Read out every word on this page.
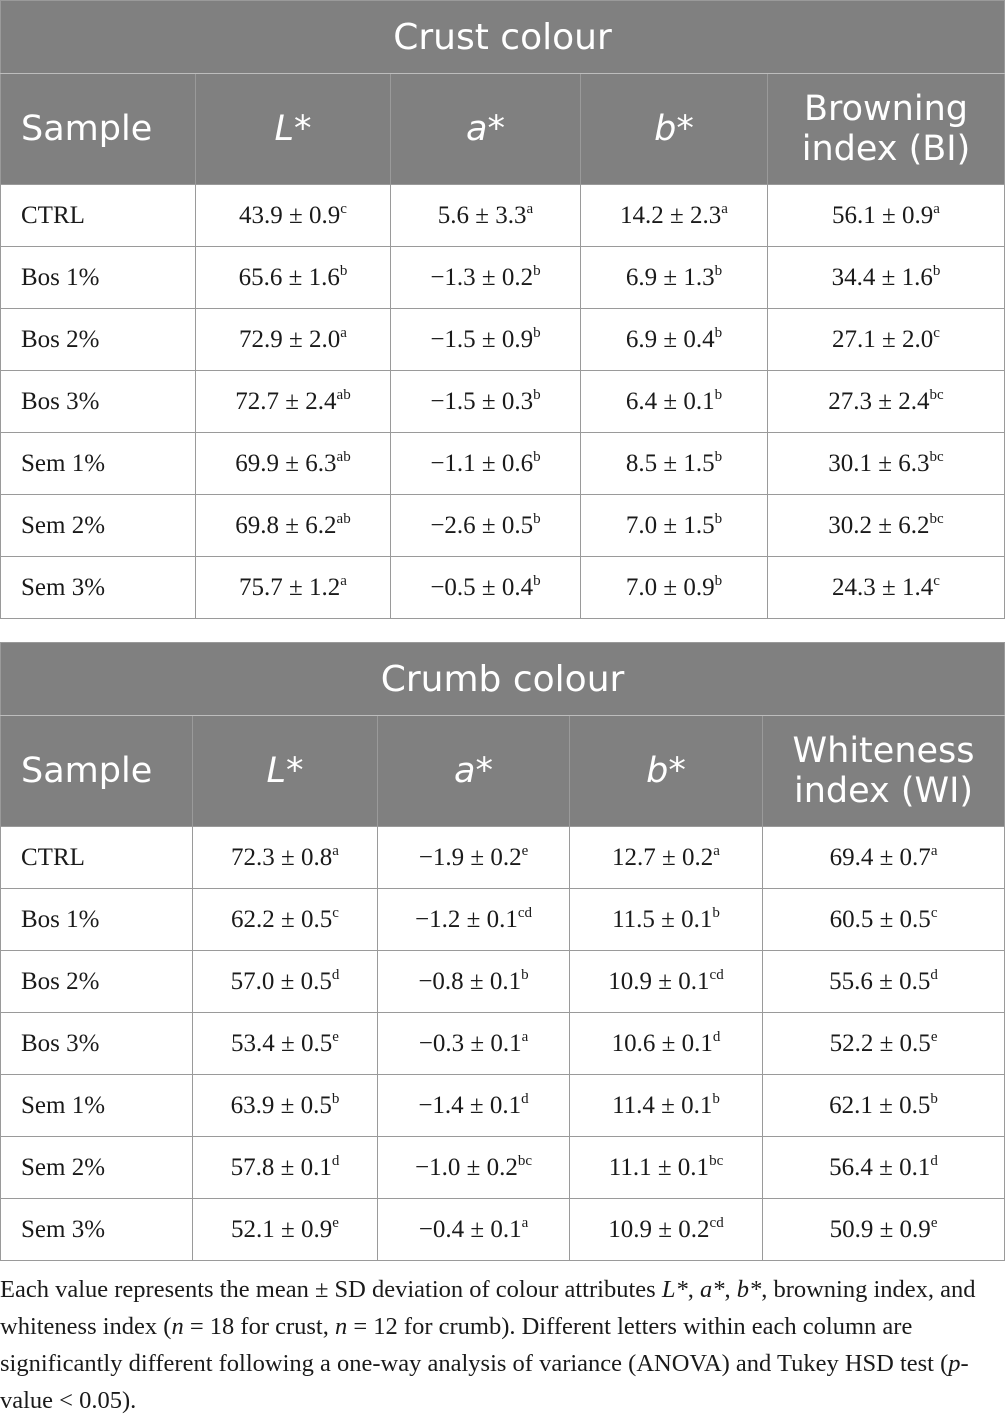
Crust colour				
Sample	L*	a*	b*	Browning index (BI)
CTRL	43.9 ± 0.9$^c$	5.6 ± 3.3$^a$	14.2 ± 2.3$^a$	56.1 ± 0.9$^a$
Bos 1%	65.6 ± 1.6$^b$	−1.3 ± 0.2$^b$	6.9 ± 1.3$^b$	34.4 ± 1.6$^b$
Bos 2%	72.9 ± 2.0$^a$	−1.5 ± 0.9$^b$	6.9 ± 0.4$^b$	27.1 ± 2.0$^c$
Bos 3%	72.7 ± 2.4$^{ab}$	−1.5 ± 0.3$^b$	6.4 ± 0.1$^b$	27.3 ± 2.4$^{bc}$
Sem 1%	69.9 ± 6.3$^{ab}$	−1.1 ± 0.6$^b$	8.5 ± 1.5$^b$	30.1 ± 6.3$^{bc}$
Sem 2%	69.8 ± 6.2$^{ab}$	−2.6 ± 0.5$^b$	7.0 ± 1.5$^b$	30.2 ± 6.2$^{bc}$
Sem 3%	75.7 ± 1.2$^a$	−0.5 ± 0.4$^b$	7.0 ± 0.9$^b$	24.3 ± 1.4$^c$
Crumb colour				
Sample	L*	a*	b*	Whiteness index (WI)
CTRL	72.3 ± 0.8$^a$	−1.9 ± 0.2$^e$	12.7 ± 0.2$^a$	69.4 ± 0.7$^a$
Bos 1%	62.2 ± 0.5$^c$	−1.2 ± 0.1$^{cd}$	11.5 ± 0.1$^b$	60.5 ± 0.5$^c$
Bos 2%	57.0 ± 0.5$^d$	−0.8 ± 0.1$^b$	10.9 ± 0.1$^{cd}$	55.6 ± 0.5$^d$
Bos 3%	53.4 ± 0.5$^e$	−0.3 ± 0.1$^a$	10.6 ± 0.1$^d$	52.2 ± 0.5$^e$
Sem 1%	63.9 ± 0.5$^b$	−1.4 ± 0.1$^d$	11.4 ± 0.1$^b$	62.1 ± 0.5$^b$
Sem 2%	57.8 ± 0.1$^d$	−1.0 ± 0.2$^{bc}$	11.1 ± 0.1$^{bc}$	56.4 ± 0.1$^d$
Sem 3%	52.1 ± 0.9$^e$	−0.4 ± 0.1$^a$	10.9 ± 0.2$^{cd}$	50.9 ± 0.9$^e$

Each value represents the mean ± SD deviation of colour attributes L*, a*, b*, browning index, and whiteness index (n = 18 for crust, n = 12 for crumb). Different letters within each column are significantly different following a one-way analysis of variance (ANOVA) and Tukey HSD test (p-value < 0.05).
